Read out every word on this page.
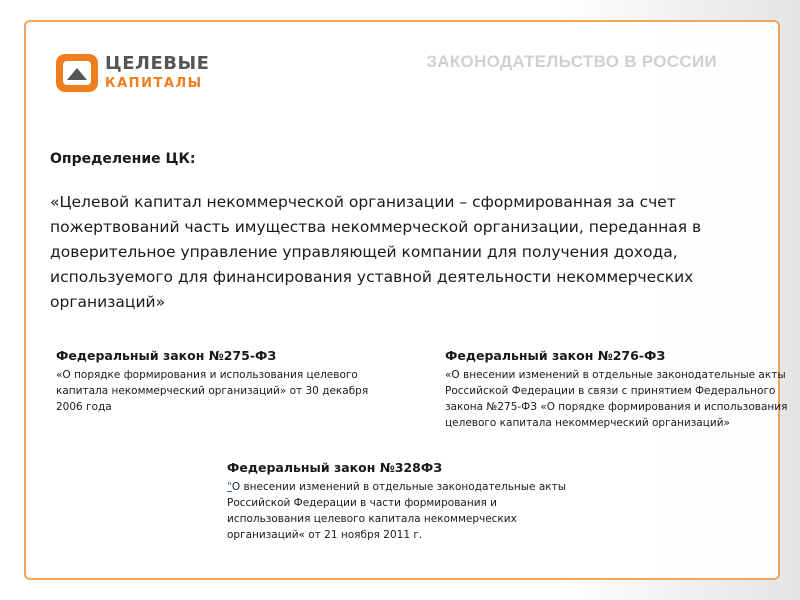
ЦЕЛЕВЫЕ
КАПИТАЛЫ
ЗАКОНОДАТЕЛЬСТВО В РОССИИ
Определение ЦК:

«Целевой капитал некоммерческой организации – сформированная за счет пожертвований часть имущества некоммерческой организации, переданная в доверительное управление управляющей компании для получения дохода, используемого для финансирования уставной деятельности некоммерческих организаций»

Федеральный закон №275-ФЗ

«О порядке формирования и использования целевого капитала некоммерческий организаций» от 30 декабря 2006 года

Федеральный закон №276-ФЗ

«О внесении изменений в отдельные законодательные акты Российской Федерации в связи с принятием Федерального закона №275-ФЗ «О порядке формирования и использования целевого капитала некоммерческий организаций»

Федеральный закон №328ФЗ

"О внесении изменений в отдельные законодательные акты Российской Федерации в части формирования и использования целевого капитала некоммерческих организаций« от 21 ноября 2011 г.
